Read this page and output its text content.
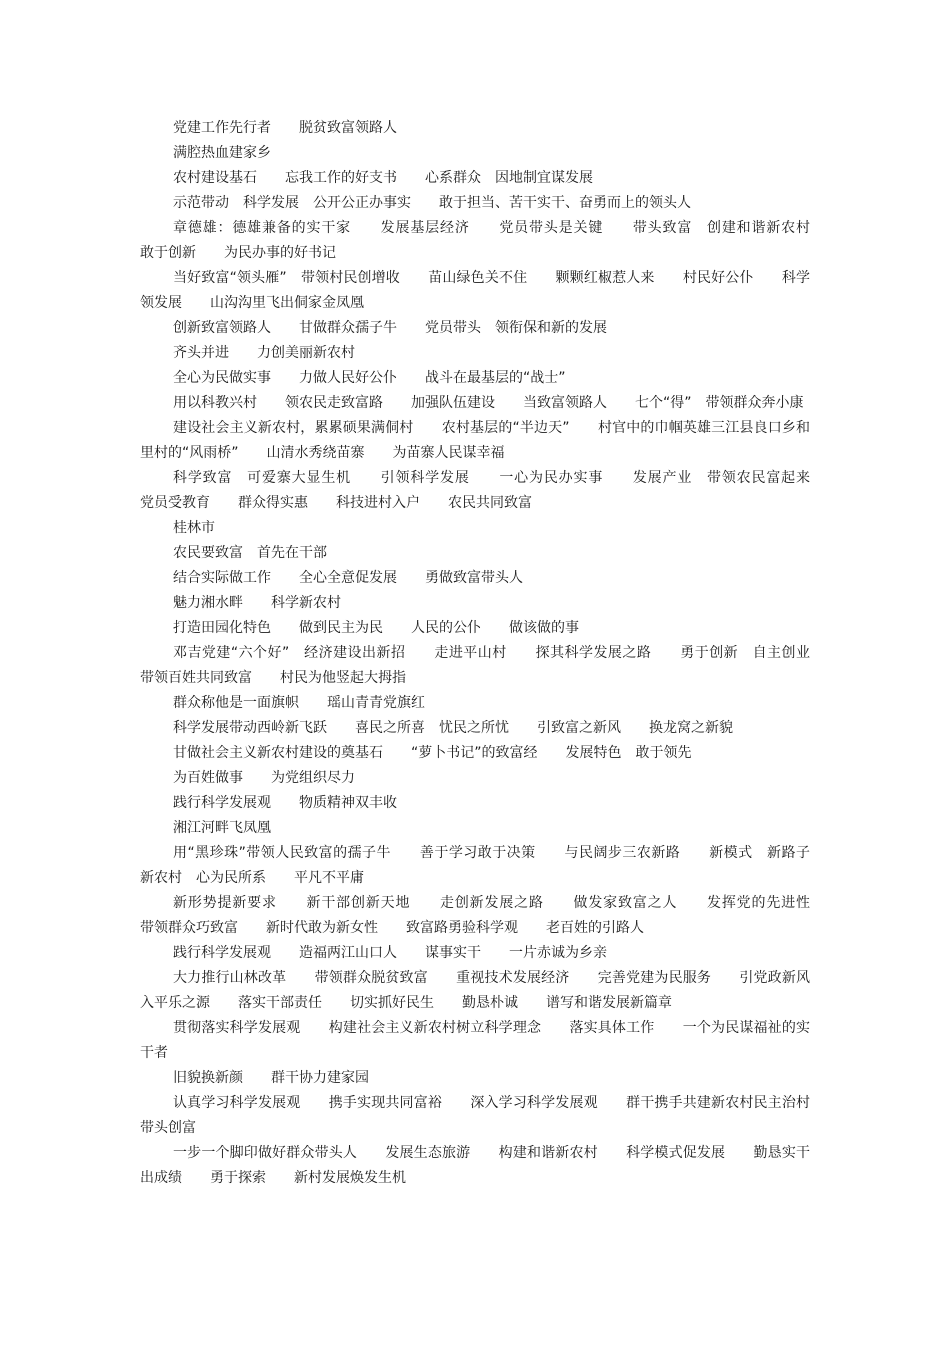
党建工作先行者　　脱贫致富领路人

满腔热血建家乡

农村建设基石　　忘我工作的好支书　　心系群众　因地制宜谋发展

示范带动　科学发展　公开公正办事实　　敢于担当、苦干实干、奋勇而上的领头人

章德雄：德雄兼备的实干家　　发展基层经济　　党员带头是关键　　带头致富　创建和谐新农村　　敢于创新　　为民办事的好书记

当好致富“领头雁”　带领村民创增收　　苗山绿色关不住　　颗颗红椒惹人来　　村民好公仆　　科学领发展　　山沟沟里飞出侗家金凤凰

创新致富领路人　　甘做群众孺子牛　　党员带头　领衔保和新的发展

齐头并进　　力创美丽新农村

全心为民做实事　　力做人民好公仆　　战斗在最基层的“战士”

用以科教兴村　　领农民走致富路　　加强队伍建设　　当致富领路人　　七个“得”　带领群众奔小康

建设社会主义新农村，累累硕果满侗村　　农村基层的“半边天”　　村官中的巾帼英雄三江县良口乡和里村的“风雨桥”　　山清水秀绕苗寨　　为苗寨人民谋幸福

科学致富　可爱寨大显生机　　引领科学发展　　一心为民办实事　　发展产业　带领农民富起来　　党员受教育　　群众得实惠　　科技进村入户　　农民共同致富

桂林市

农民要致富　首先在干部

结合实际做工作　　全心全意促发展　　勇做致富带头人

魅力湘水畔　　科学新农村

打造田园化特色　　做到民主为民　　人民的公仆　　做该做的事

邓吉党建“六个好”　经济建设出新招　　走进平山村　　探其科学发展之路　　勇于创新　自主创业　带领百姓共同致富　　村民为他竖起大拇指

群众称他是一面旗帜　　瑶山青青党旗红

科学发展带动西岭新飞跃　　喜民之所喜　忧民之所忧　　引致富之新风　　换龙窝之新貌

甘做社会主义新农村建设的奠基石　　“萝卜书记”的致富经　　发展特色　敢于领先

为百姓做事　　为党组织尽力

践行科学发展观　　物质精神双丰收

湘江河畔飞凤凰

用“黑珍珠”带领人民致富的孺子牛　　善于学习敢于决策　　与民阔步三农新路　　新模式　新路子　新农村　心为民所系　　平凡不平庸

新形势提新要求　　新干部创新天地　　走创新发展之路　　做发家致富之人　　发挥党的先进性　　带领群众巧致富　　新时代敢为新女性　　致富路勇验科学观　　老百姓的引路人

践行科学发展观　　造福两江山口人　　谋事实干　　一片赤诚为乡亲

大力推行山林改革　　带领群众脱贫致富　　重视技术发展经济　　完善党建为民服务　　引党政新风　入平乐之源　　落实干部责任　　切实抓好民生　　勤恳朴诚　　谱写和谐发展新篇章

贯彻落实科学发展观　　构建社会主义新农村树立科学理念　　落实具体工作　　一个为民谋福祉的实干者

旧貌换新颜　　群干协力建家园

认真学习科学发展观　　携手实现共同富裕　　深入学习科学发展观　　群干携手共建新农村民主治村　带头创富

一步一个脚印做好群众带头人　　发展生态旅游　　构建和谐新农村　　科学模式促发展　　勤恳实干出成绩　　勇于探索　　新村发展焕发生机
